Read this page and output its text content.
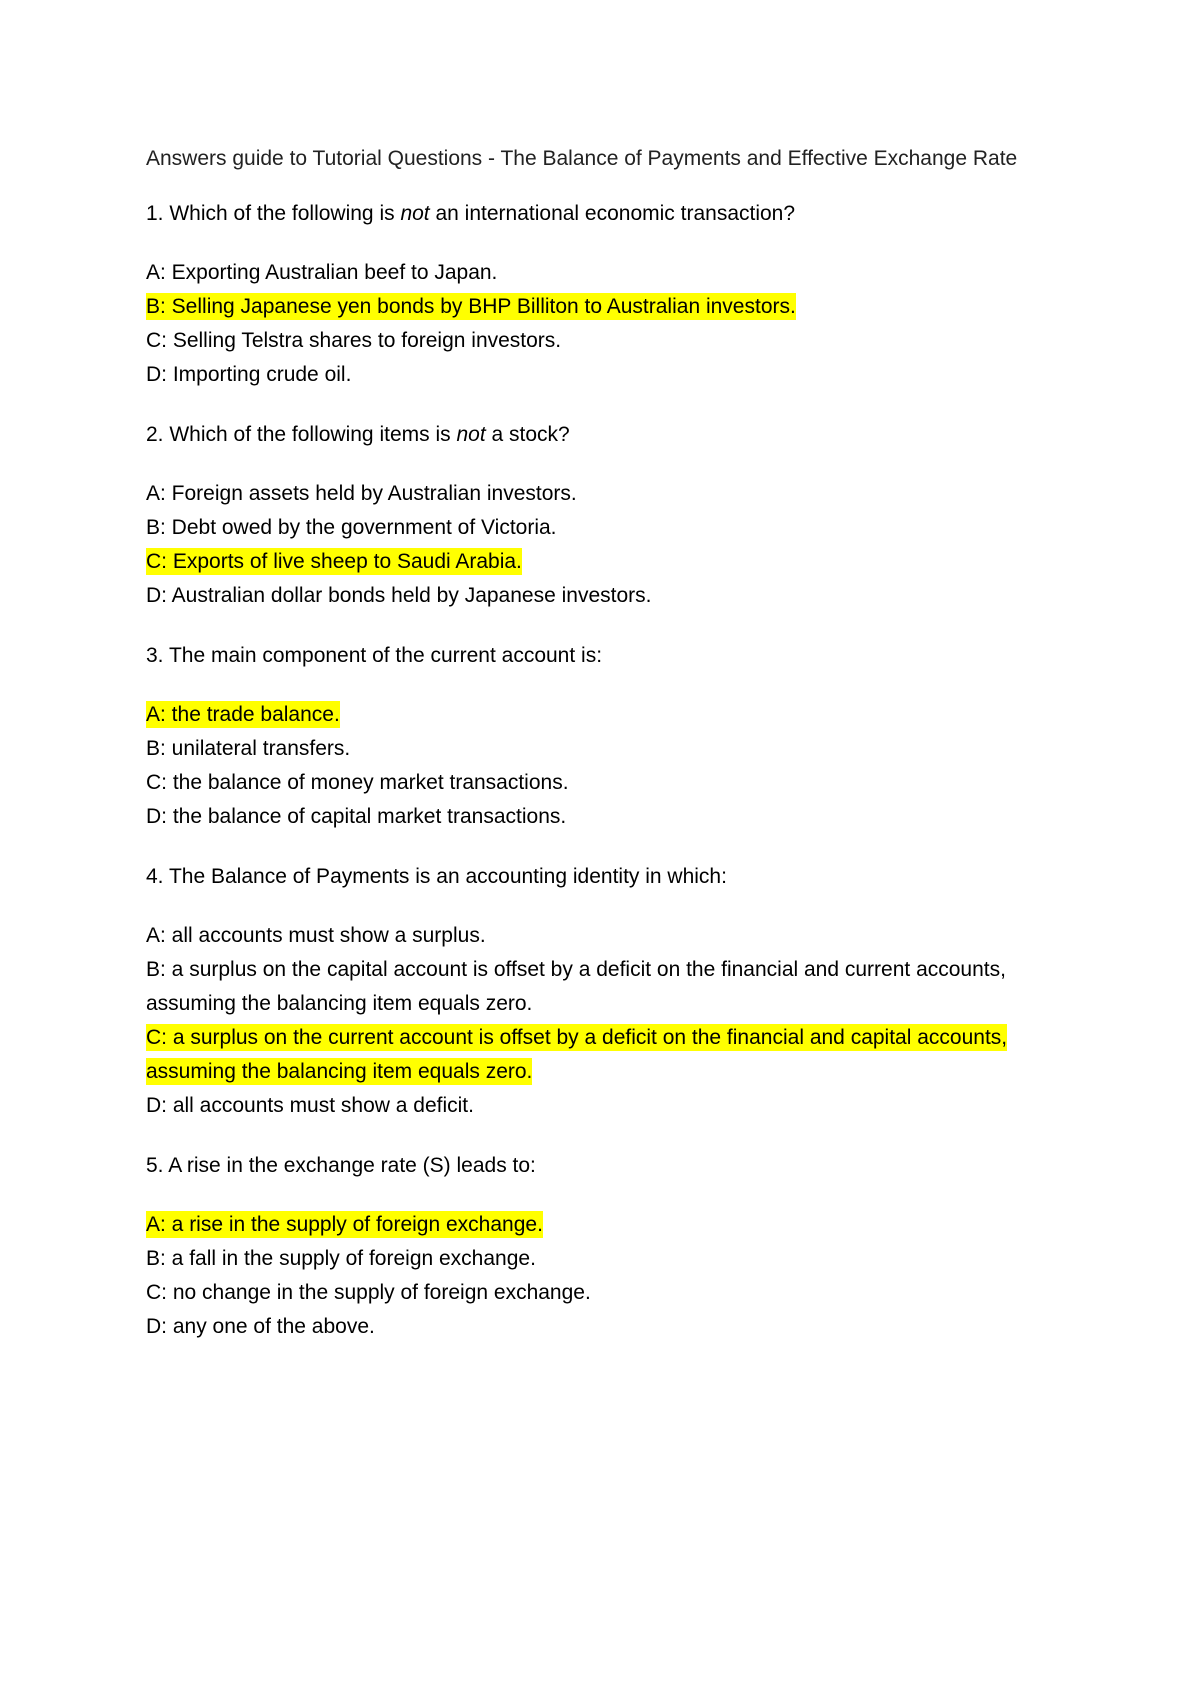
Answers guide to Tutorial Questions - The Balance of Payments and Effective Exchange Rate

1. Which of the following is not an international economic transaction?

A: Exporting Australian beef to Japan.
B: Selling Japanese yen bonds by BHP Billiton to Australian investors.
C: Selling Telstra shares to foreign investors.
D: Importing crude oil.

2. Which of the following items is not a stock?

A: Foreign assets held by Australian investors.
B: Debt owed by the government of Victoria.
C: Exports of live sheep to Saudi Arabia.
D: Australian dollar bonds held by Japanese investors.

3. The main component of the current account is:

A: the trade balance.
B: unilateral transfers.
C: the balance of money market transactions.
D: the balance of capital market transactions.

4. The Balance of Payments is an accounting identity in which:

A: all accounts must show a surplus.
B: a surplus on the capital account is offset by a deficit on the financial and current accounts, assuming the balancing item equals zero.
C: a surplus on the current account is offset by a deficit on the financial and capital accounts, assuming the balancing item equals zero.
D: all accounts must show a deficit.

5. A rise in the exchange rate (S) leads to:

A: a rise in the supply of foreign exchange.
B: a fall in the supply of foreign exchange.
C: no change in the supply of foreign exchange.
D: any one of the above.
